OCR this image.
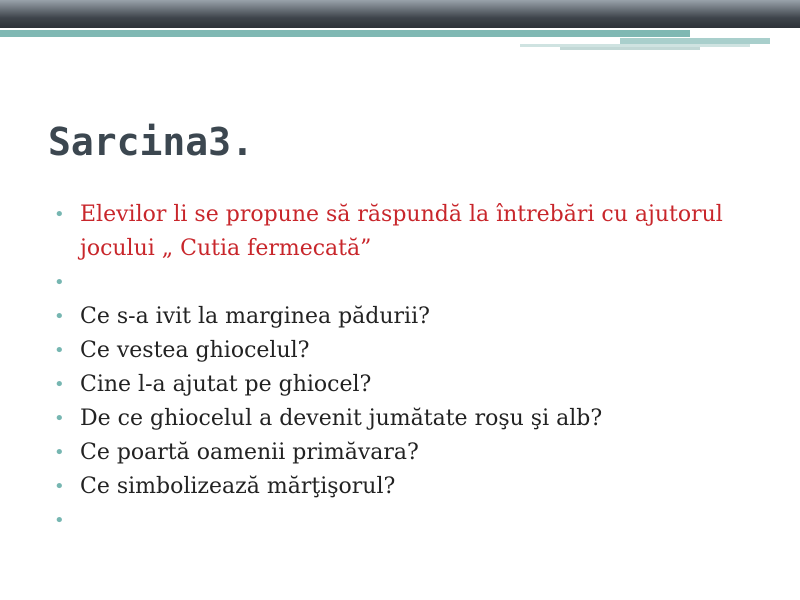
Sarcina3.
• Elevilor li se propune să răspundă la întrebări cu ajutorul jocului „ Cutia fermecată”
•
• Ce s-a ivit la marginea pădurii?
• Ce vestea ghiocelul?
• Cine l-a ajutat pe ghiocel?
• De ce ghiocelul a devenit jumătate roşu şi alb?
• Ce poartă oamenii primăvara?
• Ce simbolizează mărţişorul?
•
